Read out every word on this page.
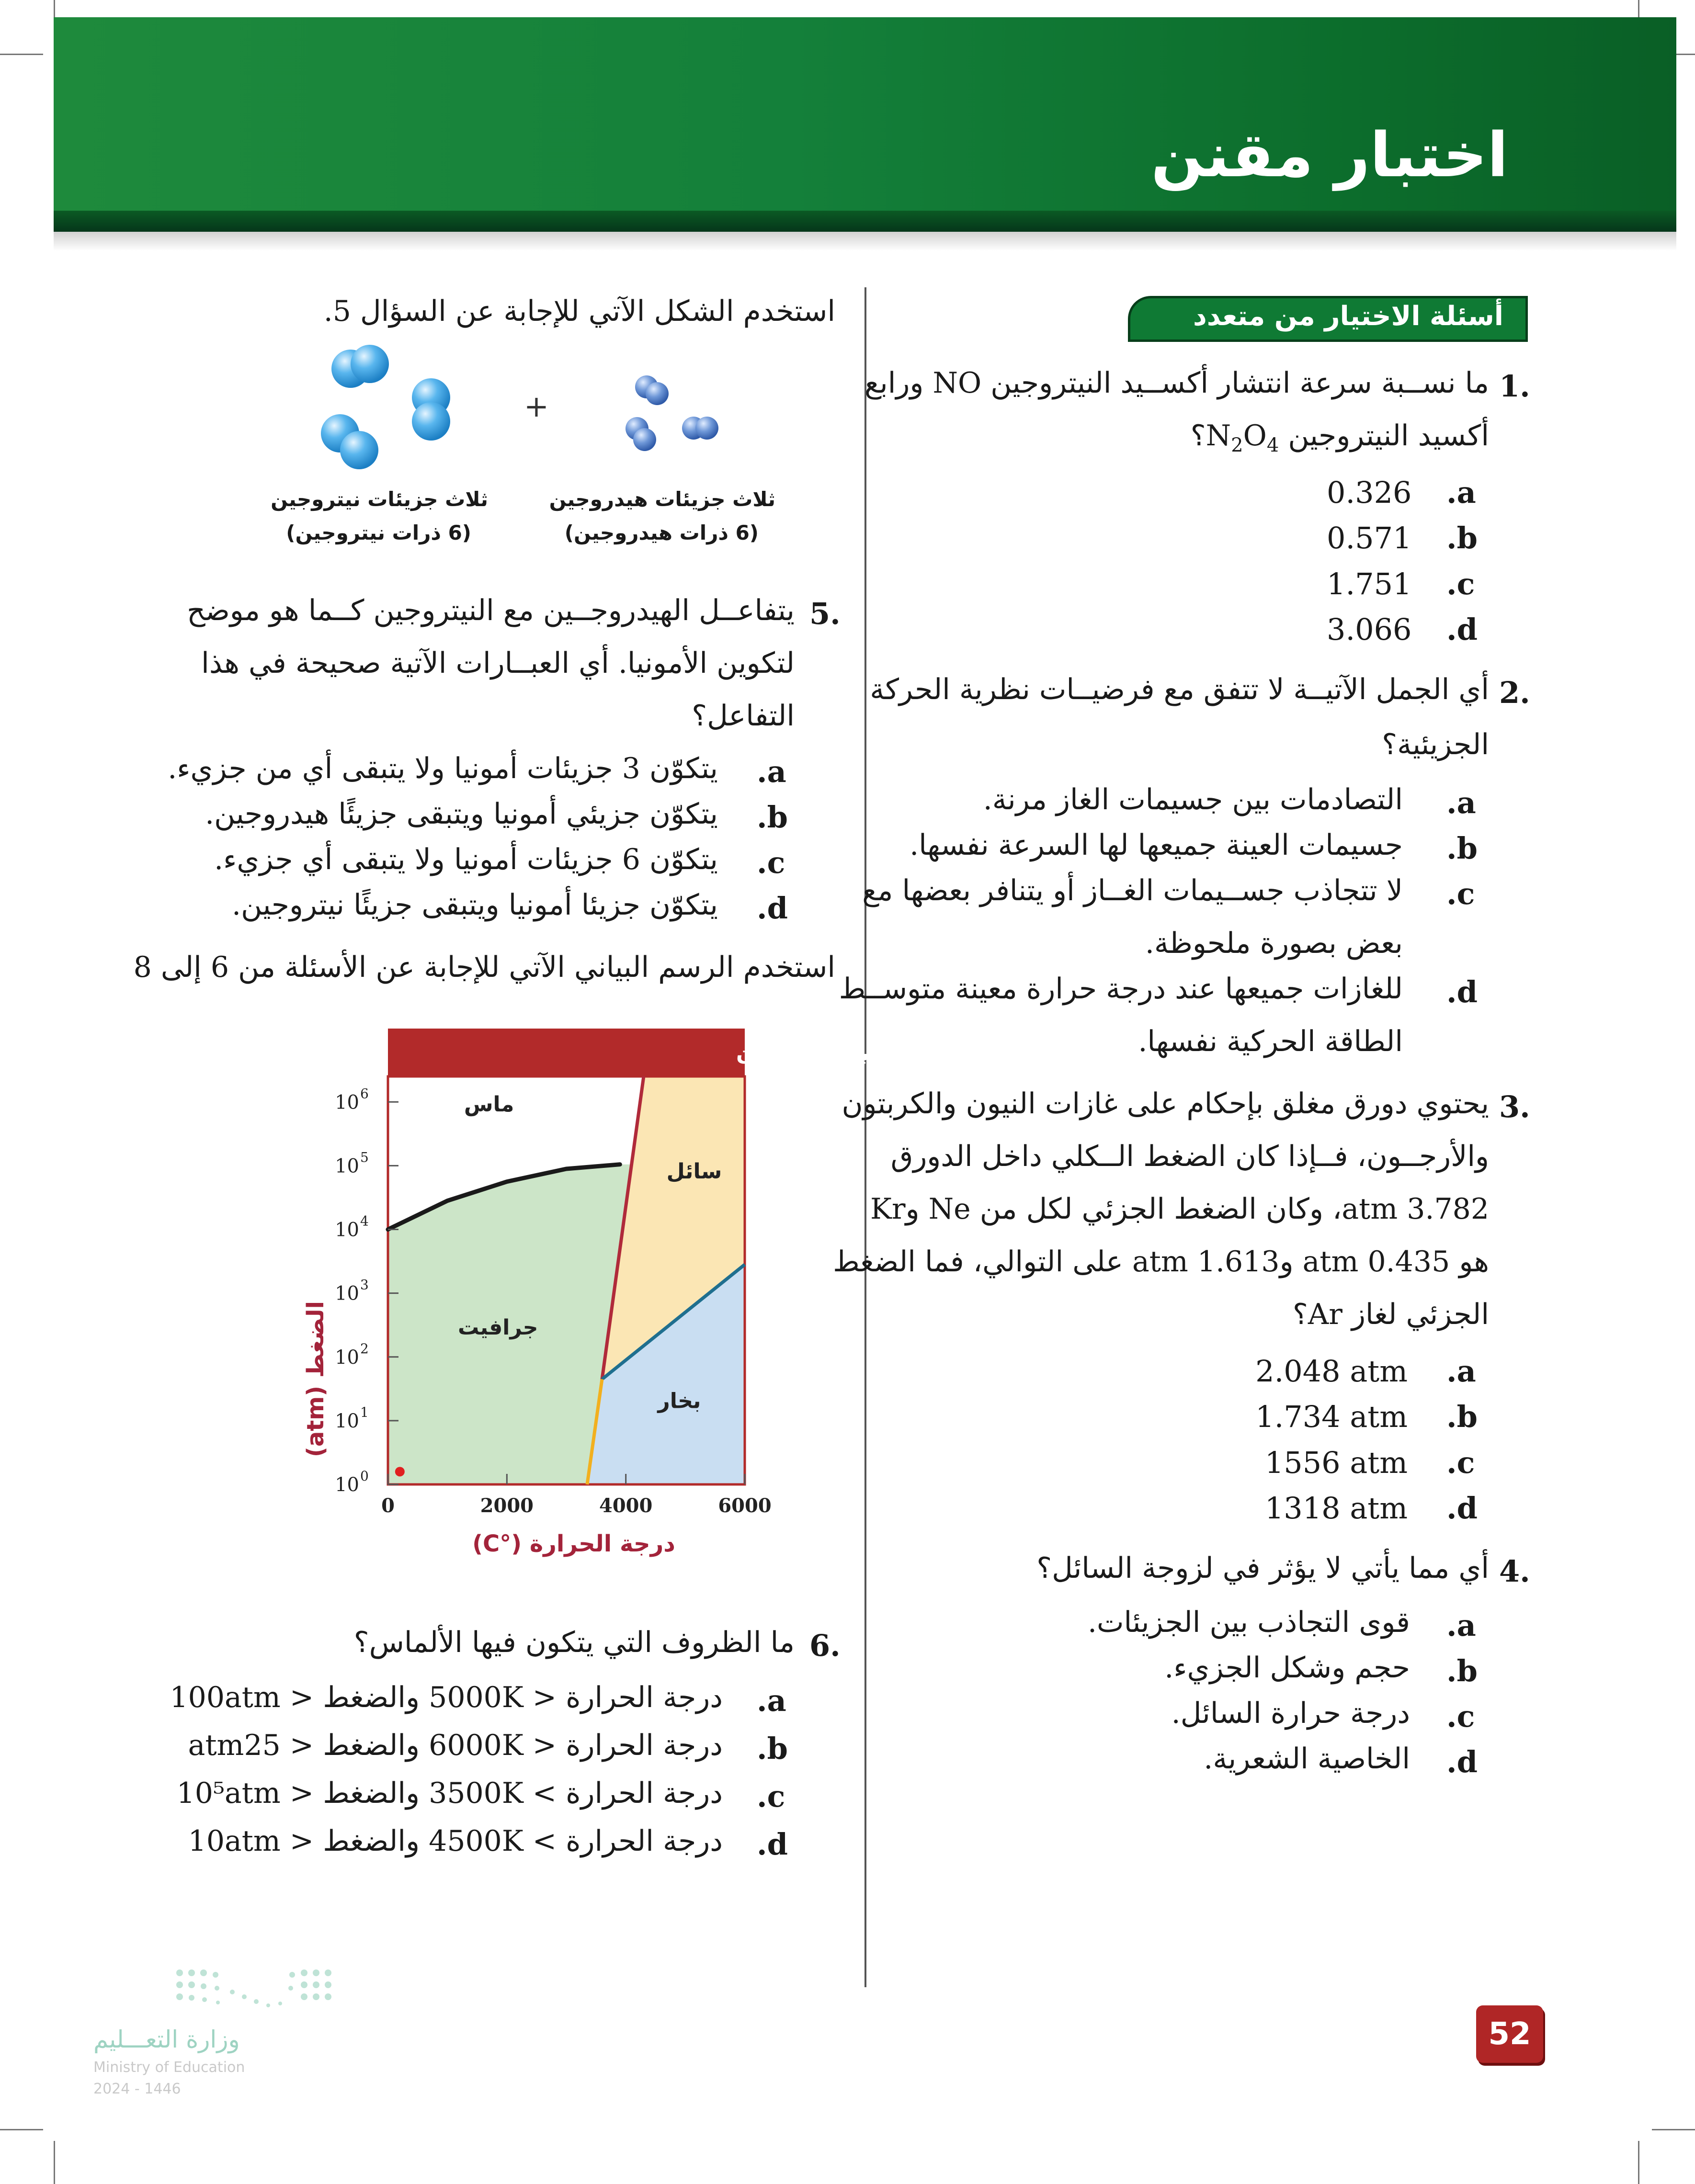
اختبار مقنن
أسئلة الاختيار من متعدد
1.
ما نســبة سرعة انتشار أكســيد النيتروجين NO ورابع
أكسيد النيتروجين $N_2O_4؟$
0.326 .a
0.571 .b
1.751 .c
3.066 .d
2.
أي الجمل الآتيــة لا تتفق مع فرضيــات نظرية الحركة
الجزيئية؟
.a
التصادمات بين جسيمات الغاز مرنة.
.b
جسيمات العينة جميعها لها السرعة نفسها.
.c
لا تتجاذب جســيمات الغــاز أو يتنافر بعضها مع
بعض بصورة ملحوظة.
.d
للغازات جميعها عند درجة حرارة معينة متوســط
الطاقة الحركية نفسها.
3.
يحتوي دورق مغلق بإحكام على غازات النيون والكربتون
والأرجــون، فــإذا كان الضغط الــكلي داخل الدورق
3.782 atm، وكان الضغط الجزئي لكل من Ne وKr
هو 0.435 atm و1.613 atm على التوالي، فما الضغط
الجزئي لغاز Ar؟
2.048 atm .a
1.734 atm .b
1556 atm .c
1318 atm .d
4.
أي مما يأتي لا يؤثر في لزوجة السائل؟
.a
قوى التجاذب بين الجزيئات.
.b
حجم وشكل الجزيء.
.c
درجة حرارة السائل.
.d
الخاصية الشعرية.
استخدم الشكل الآتي للإجابة عن السؤال 5.
+
ثلاث جزيئات نيتروجين
(6 ذرات نيتروجين)
ثلاث جزيئات هيدروجين
(6 ذرات هيدروجين)
5.
يتفاعــل الهيدروجــين مع النيتروجين كــما هو موضح
لتكوين الأمونيا. أي العبــارات الآتية صحيحة في هذا
التفاعل؟
.a
يتكوّن 3 جزيئات أمونيا ولا يتبقى أي من جزيء.
.b
يتكوّن جزيئي أمونيا ويتبقى جزيئًا هيدروجين.
.c
يتكوّن 6 جزيئات أمونيا ولا يتبقى أي جزيء.
.d
يتكوّن جزيئا أمونيا ويتبقى جزيئًا نيتروجين.
استخدم الرسم البياني الآتي للإجابة عن الأسئلة من 6 إلى 8
مخطط الحالة الفيزيائية للكربون
10 0
10 1
10 2
10 3
10 4
10 5
10 6
0	2000	4000	6000
ماس
سائل
جرافيت
بخار
الضغط (atm)
درجة الحرارة (°C)
6.
ما الظروف التي يتكون فيها الألماس؟
.a
درجة الحرارة < 5000K والضغط < 100atm
.b
درجة الحرارة < 6000K والضغط < atm25
.c
درجة الحرارة > 3500K والضغط < 10⁵atm
.d
درجة الحرارة > 4500K والضغط < 10atm
52
وزارة التعـــليم
Ministry of Education
2024 - 1446
